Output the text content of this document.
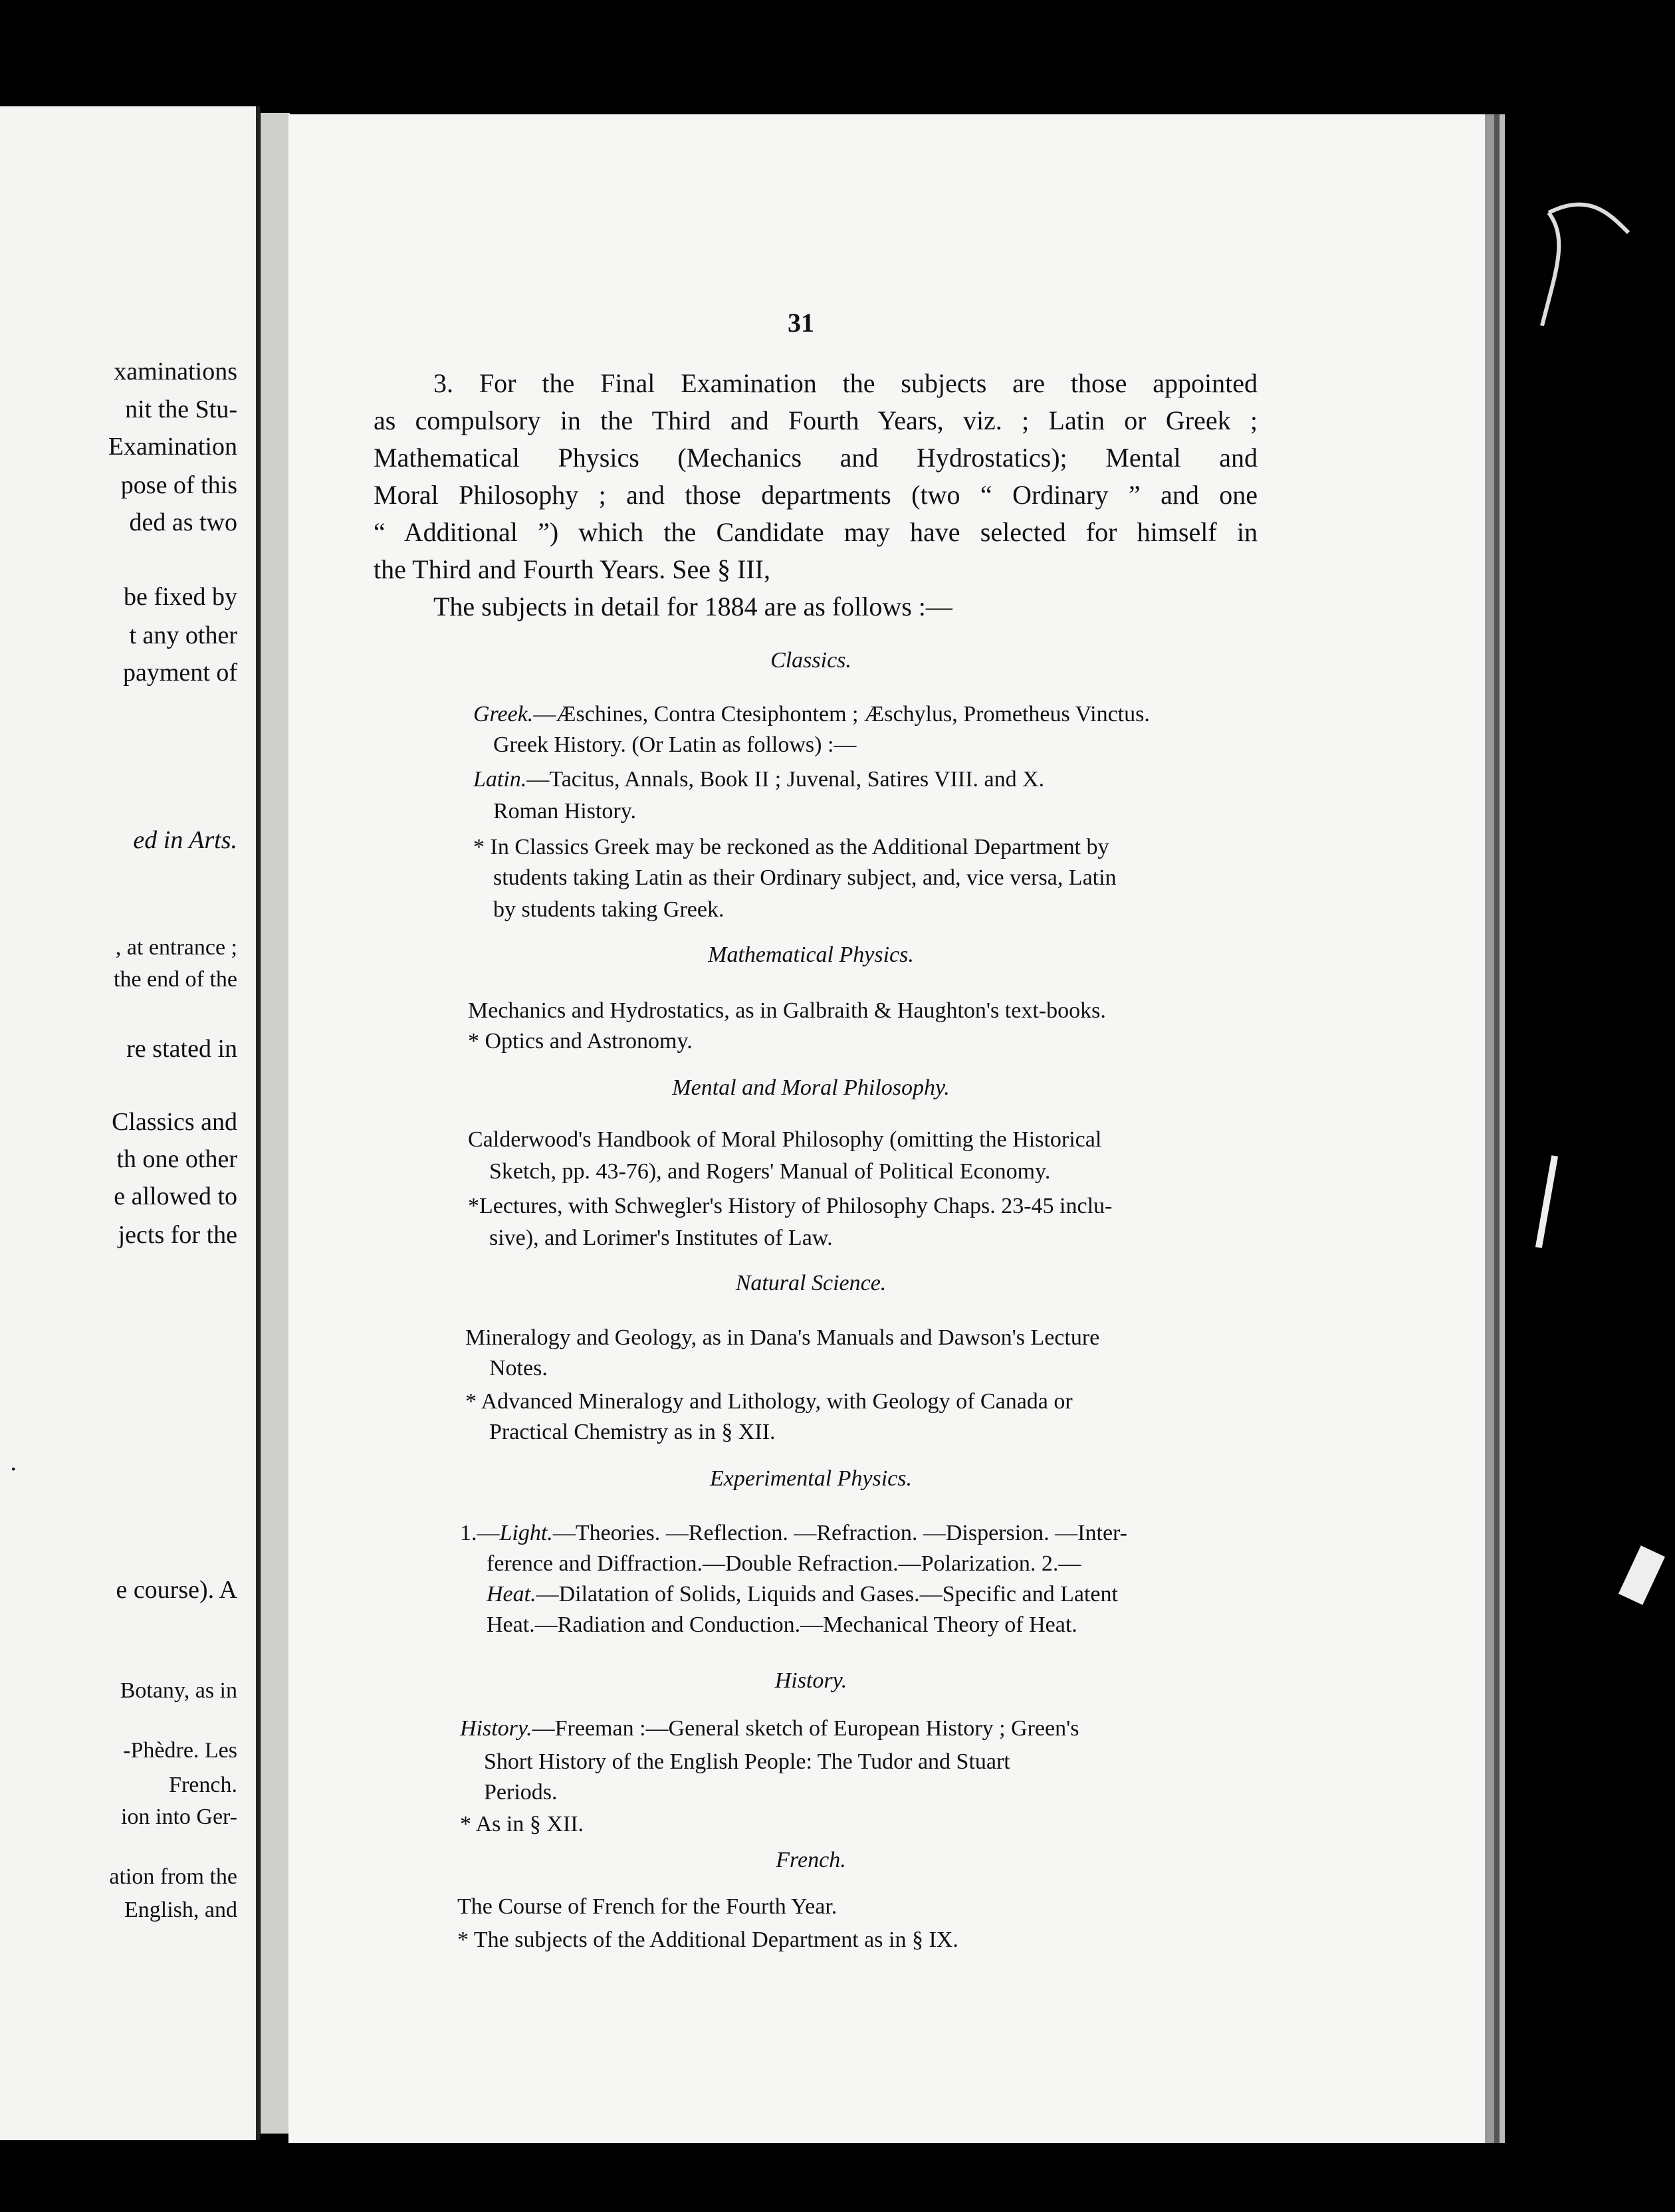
xaminations
nit the Stu-
Examination
pose of this
ded as two
be fixed by
t any other
payment of
ed in Arts.
, at entrance ;
the end of the
re stated in
Classics and
th one other
e allowed to
jects for the
.
e course). A
Botany, as in
-Phèdre. Les
French.
ion into Ger-
ation from the
English, and
31
3. For the Final Examination the subjects are those appointed
as compulsory in the Third and Fourth Years, viz. ; Latin or Greek ;
Mathematical Physics (Mechanics and Hydrostatics); Mental and
Moral Philosophy ; and those departments (two “ Ordinary ” and one
“ Additional ”) which the Candidate may have selected for himself in
the Third and Fourth Years. See § III,
The subjects in detail for 1884 are as follows :—
Classics.
Greek.—Æschines, Contra Ctesiphontem ; Æschylus, Prometheus Vinctus.
Greek History. (Or Latin as follows) :—
Latin.—Tacitus, Annals, Book II ; Juvenal, Satires VIII. and X.
Roman History.
* In Classics Greek may be reckoned as the Additional Department by
students taking Latin as their Ordinary subject, and, vice versa, Latin
by students taking Greek.
Mathematical Physics.
Mechanics and Hydrostatics, as in Galbraith & Haughton's text-books.
* Optics and Astronomy.
Mental and Moral Philosophy.
Calderwood's Handbook of Moral Philosophy (omitting the Historical
Sketch, pp. 43-76), and Rogers' Manual of Political Economy.
*Lectures, with Schwegler's History of Philosophy Chaps. 23-45 inclu-
sive), and Lorimer's Institutes of Law.
Natural Science.
Mineralogy and Geology, as in Dana's Manuals and Dawson's Lecture
Notes.
* Advanced Mineralogy and Lithology, with Geology of Canada or
Practical Chemistry as in § XII.
Experimental Physics.
1.—Light.—Theories. —Reflection. —Refraction. —Dispersion. —Inter-
ference and Diffraction.—Double Refraction.—Polarization. 2.—
Heat.—Dilatation of Solids, Liquids and Gases.—Specific and Latent
Heat.—Radiation and Conduction.—Mechanical Theory of Heat.
History.
History.—Freeman :—General sketch of European History ; Green's
Short History of the English People: The Tudor and Stuart
Periods.
* As in § XII.
French.
The Course of French for the Fourth Year.
* The subjects of the Additional Department as in § IX.
